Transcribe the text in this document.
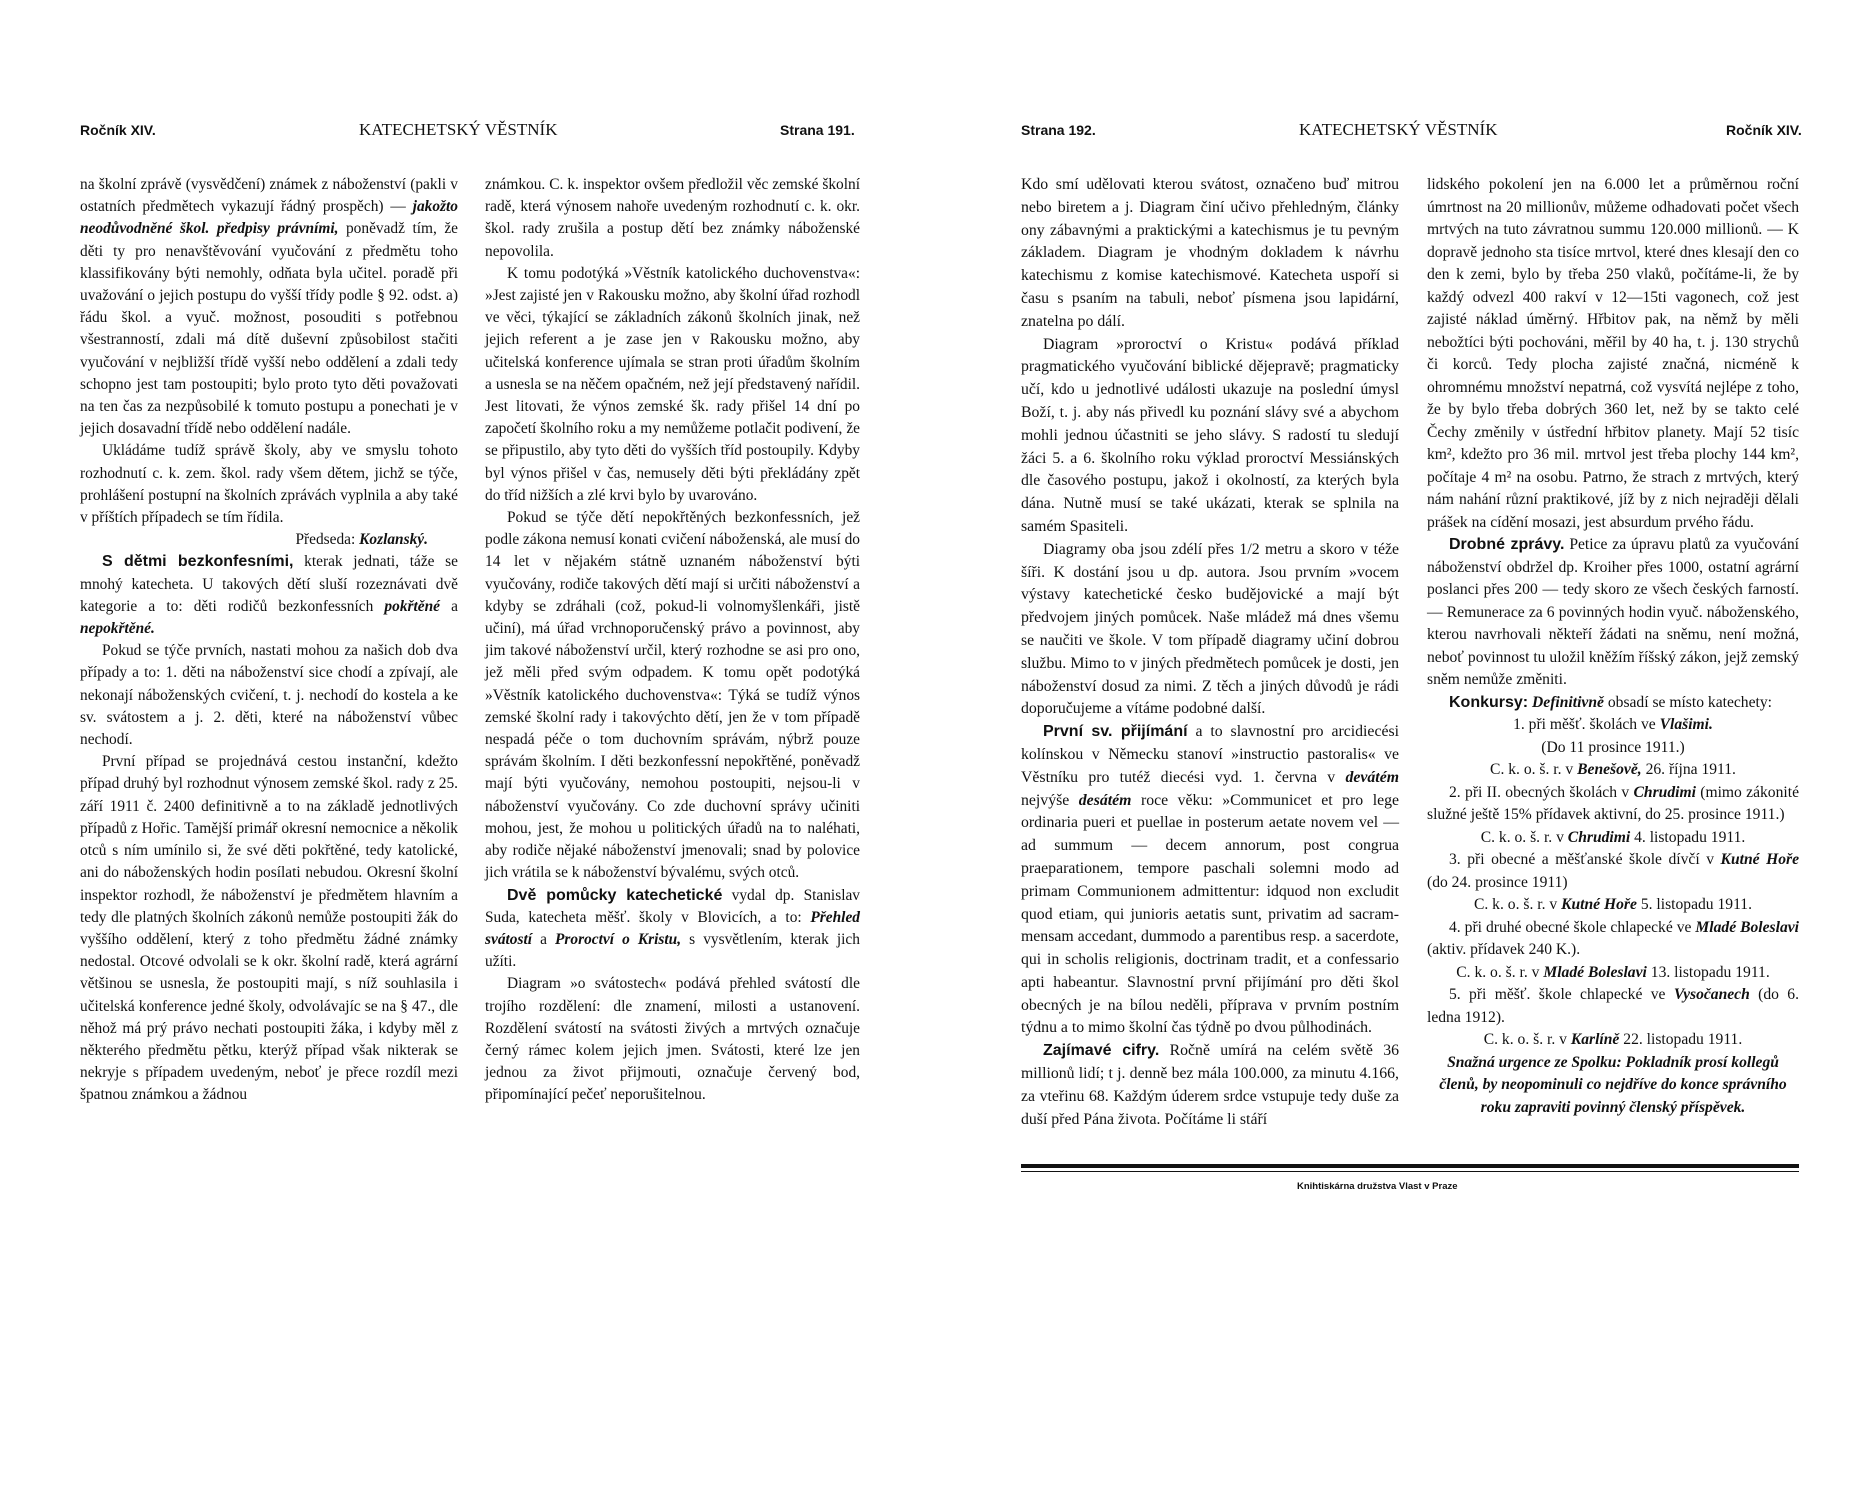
Ročník XIV.	KATECHETSKÝ VĚSTNÍK	Strana 191.

na školní zprávě (vysvědčení) známek z náboženství (pakli v ostatních předmětech vykazují řádný prospěch) — jakožto neodůvodněné škol. předpisy právními, poněvadž tím, že děti ty pro nenavštěvování vyučování z předmětu toho klassifikovány býti nemohly, odňata byla učitel. poradě při uvažování o jejich postupu do vyšší třídy podle § 92. odst. a) řádu škol. a vyuč. možnost, posouditi s potřebnou všestranností, zdali má dítě duševní způsobilost stačiti vyučování v nejbližší třídě vyšší nebo oddělení a zdali tedy schopno jest tam postoupiti; bylo proto tyto děti považovati na ten čas za nezpůsobilé k tomuto postupu a ponechati je v jejich dosavadní třídě nebo oddělení nadále.

Ukládáme tudíž správě školy, aby ve smyslu tohoto rozhodnutí c. k. zem. škol. rady všem dětem, jichž se týče, prohlášení postupní na školních zprávách vyplnila a aby také v příštích případech se tím řídila.

Předseda: Kozlanský.

S dětmi bezkonfesními, kterak jednati, táže se mnohý katecheta. U takových dětí sluší rozeznávati dvě kategorie a to: děti rodičů bezkonfessních pokřtěné a nepokřtěné.

Pokud se týče prvních, nastati mohou za našich dob dva případy a to: 1. děti na náboženství sice chodí a zpívají, ale nekonají náboženských cvičení, t. j. nechodí do kostela a ke sv. svátostem a j. 2. děti, které na náboženství vůbec nechodí.

První případ se projednává cestou instanční, kdežto případ druhý byl rozhodnut výnosem zemské škol. rady z 25. září 1911 č. 2400 definitivně a to na základě jednotlivých případů z Hořic. Tamější primář okresní nemocnice a několik otců s ním umínilo si, že své děti pokřtěné, tedy katolické, ani do náboženských hodin posílati nebudou. Okresní školní inspektor rozhodl, že náboženství je předmětem hlavním a tedy dle platných školních zákonů nemůže postoupiti žák do vyššího oddělení, který z toho předmětu žádné známky nedostal. Otcové odvolali se k okr. školní radě, která agrární většinou se usnesla, že postoupiti mají, s níž souhlasila i učitelská konference jedné školy, odvolávajíc se na § 47., dle něhož má prý právo nechati postoupiti žáka, i kdyby měl z některého předmětu pětku, kterýž případ však nikterak se nekryje s případem uvedeným, neboť je přece rozdíl mezi špatnou známkou a žádnou

známkou. C. k. inspektor ovšem předložil věc zemské školní radě, která výnosem nahoře uvedeným rozhodnutí c. k. okr. škol. rady zrušila a postup dětí bez známky náboženské nepovolila.

K tomu podotýká »Věstník katolického duchovenstva«: »Jest zajisté jen v Rakousku možno, aby školní úřad rozhodl ve věci, týkající se základních zákonů školních jinak, než jejich referent a je zase jen v Rakousku možno, aby učitelská konference ujímala se stran proti úřadům školním a usnesla se na něčem opačném, než její představený nařídil. Jest litovati, že výnos zemské šk. rady přišel 14 dní po započetí školního roku a my nemůžeme potlačit podivení, že se připustilo, aby tyto děti do vyšších tříd postoupily. Kdyby byl výnos přišel v čas, nemusely děti býti překládány zpět do tříd nižších a zlé krvi bylo by uvarováno.

Pokud se týče dětí nepokřtěných bezkonfessních, jež podle zákona nemusí konati cvičení náboženská, ale musí do 14 let v nějakém státně uznaném náboženství býti vyučovány, rodiče takových dětí mají si určiti náboženství a kdyby se zdráhali (což, pokud-li volnomyšlenkáři, jistě učiní), má úřad vrchnoporučenský právo a povinnost, aby jim takové náboženství určil, který rozhodne se asi pro ono, jež měli před svým odpadem. K tomu opět podotýká »Věstník katolického duchovenstva«: Týká se tudíž výnos zemské školní rady i takovýchto dětí, jen že v tom případě nespadá péče o tom duchovním správám, nýbrž pouze správám školním. I děti bezkonfessní nepokřtěné, poněvadž mají býti vyučovány, nemohou postoupiti, nejsou-li v náboženství vyučovány. Co zde duchovní správy učiniti mohou, jest, že mohou u politických úřadů na to naléhati, aby rodiče nějaké náboženství jmenovali; snad by polovice jich vrátila se k náboženství bývalému, svých otců.

Dvě pomůcky katechetické vydal dp. Stanislav Suda, katecheta měšť. školy v Blovicích, a to: Přehled svátostí a Proroctví o Kristu, s vysvětlením, kterak jich užíti.

Diagram »o svátostech« podává přehled svátostí dle trojího rozdělení: dle znamení, milosti a ustanovení. Rozdělení svátostí na svátosti živých a mrtvých označuje černý rámec kolem jejich jmen. Svátosti, které lze jen jednou za život přijmouti, označuje červený bod, připomínající pečeť neporušitelnou.

Strana 192.	KATECHETSKÝ VĚSTNÍK	Ročník XIV.

Kdo smí udělovati kterou svátost, označeno buď mitrou nebo biretem a j. Diagram činí učivo přehledným, články ony zábavnými a praktickými a katechismus je tu pevným základem. Diagram je vhodným dokladem k návrhu katechismu z komise katechismové. Katecheta uspoří si času s psaním na tabuli, neboť písmena jsou lapidární, znatelna po dálí.

Diagram »proroctví o Kristu« podává příklad pragmatického vyučování biblické dějepravě; pragmaticky učí, kdo u jednotlivé události ukazuje na poslední úmysl Boží, t. j. aby nás přivedl ku poznání slávy své a abychom mohli jednou účastniti se jeho slávy. S radostí tu sledují žáci 5. a 6. školního roku výklad proroctví Messiánských dle časového postupu, jakož i okolností, za kterých byla dána. Nutně musí se také ukázati, kterak se splnila na samém Spasiteli.

Diagramy oba jsou zdélí přes 1/2 metru a skoro v téže šíři. K dostání jsou u dp. autora. Jsou prvním »vocem výstavy katechetické česko budějovické a mají být předvojem jiných pomůcek. Naše mládež má dnes všemu se naučiti ve škole. V tom případě diagramy učiní dobrou službu. Mimo to v jiných předmětech pomůcek je dosti, jen náboženství dosud za nimi. Z těch a jiných důvodů je rádi doporučujeme a vítáme podobné další.

První sv. přijímání a to slavnostní pro arcidiecési kolínskou v Německu stanoví »instructio pastoralis« ve Věstníku pro tutéž diecési vyd. 1. června v devátém nejvýše desátém roce věku: »Communicet et pro lege ordinaria pueri et puellae in posterum aetate novem vel — ad summum — decem annorum, post congrua praeparationem, tempore paschali solemni modo ad primam Communionem admittentur: idquod non excludit quod etiam, qui junioris aetatis sunt, privatim ad sacram-mensam accedant, dummodo a parentibus resp. a sacerdote, qui in scholis religionis, doctrinam tradit, et a confessario apti habeantur. Slavnostní první přijímání pro děti škol obecných je na bílou neděli, příprava v prvním postním týdnu a to mimo školní čas týdně po dvou půlhodinách.

Zajímavé cifry. Ročně umírá na celém světě 36 millionů lidí; t j. denně bez mála 100.000, za minutu 4.166, za vteřinu 68. Každým úderem srdce vstupuje tedy duše za duší před Pána života. Počítáme li stáří

lidského pokolení jen na 6.000 let a průměrnou roční úmrtnost na 20 millionův, můžeme odhadovati počet všech mrtvých na tuto závratnou summu 120.000 millionů. — K dopravě jednoho sta tisíce mrtvol, které dnes klesají den co den k zemi, bylo by třeba 250 vlaků, počítáme-li, že by každý odvezl 400 rakví v 12—15ti vagonech, což jest zajisté náklad úměrný. Hřbitov pak, na němž by měli nebožtíci býti pochováni, měřil by 40 ha, t. j. 130 strychů či korců. Tedy plocha zajisté značná, nicméně k ohromnému množství nepatrná, což vysvítá nejlépe z toho, že by bylo třeba dobrých 360 let, než by se takto celé Čechy změnily v ústřední hřbitov planety. Mají 52 tisíc km², kdežto pro 36 mil. mrtvol jest třeba plochy 144 km², počítaje 4 m² na osobu. Patrno, že strach z mrtvých, který nám nahání různí praktikové, jíž by z nich nejraději dělali prášek na cídění mosazi, jest absurdum prvého řádu.

Drobné zprávy. Petice za úpravu platů za vyučování náboženství obdržel dp. Kroiher přes 1000, ostatní agrární poslanci přes 200 — tedy skoro ze všech českých farností. — Remunerace za 6 povinných hodin vyuč. náboženského, kterou navrhovali někteří žádati na sněmu, není možná, neboť povinnost tu uložil kněžím říšský zákon, jejž zemský sněm nemůže změniti.

Konkursy: Definitivně obsadí se místo katechety:

1. při měšť. školách ve Vlašimi.

(Do 11 prosince 1911.)

C. k. o. š. r. v Benešově, 26. října 1911.

2. při II. obecných školách v Chrudimi (mimo zákonité služné ještě 15% přídavek aktivní, do 25. prosince 1911.)

C. k. o. š. r. v Chrudimi 4. listopadu 1911.

3. při obecné a měšťanské škole dívčí v Kutné Hoře (do 24. prosince 1911)

C. k. o. š. r. v Kutné Hoře 5. listopadu 1911.

4. při druhé obecné škole chlapecké ve Mladé Boleslavi (aktiv. přídavek 240 K.).

C. k. o. š. r. v Mladé Boleslavi 13. listopadu 1911.

5. při měšť. škole chlapecké ve Vysočanech (do 6. ledna 1912).

C. k. o. š. r. v Karlíně 22. listopadu 1911.

Snažná urgence ze Spolku: Pokladník prosí kollegů členů, by neopominuli co nejdříve do konce správního roku zapraviti povinný členský příspěvek.

Knihtiskárna družstva Vlast v Praze
